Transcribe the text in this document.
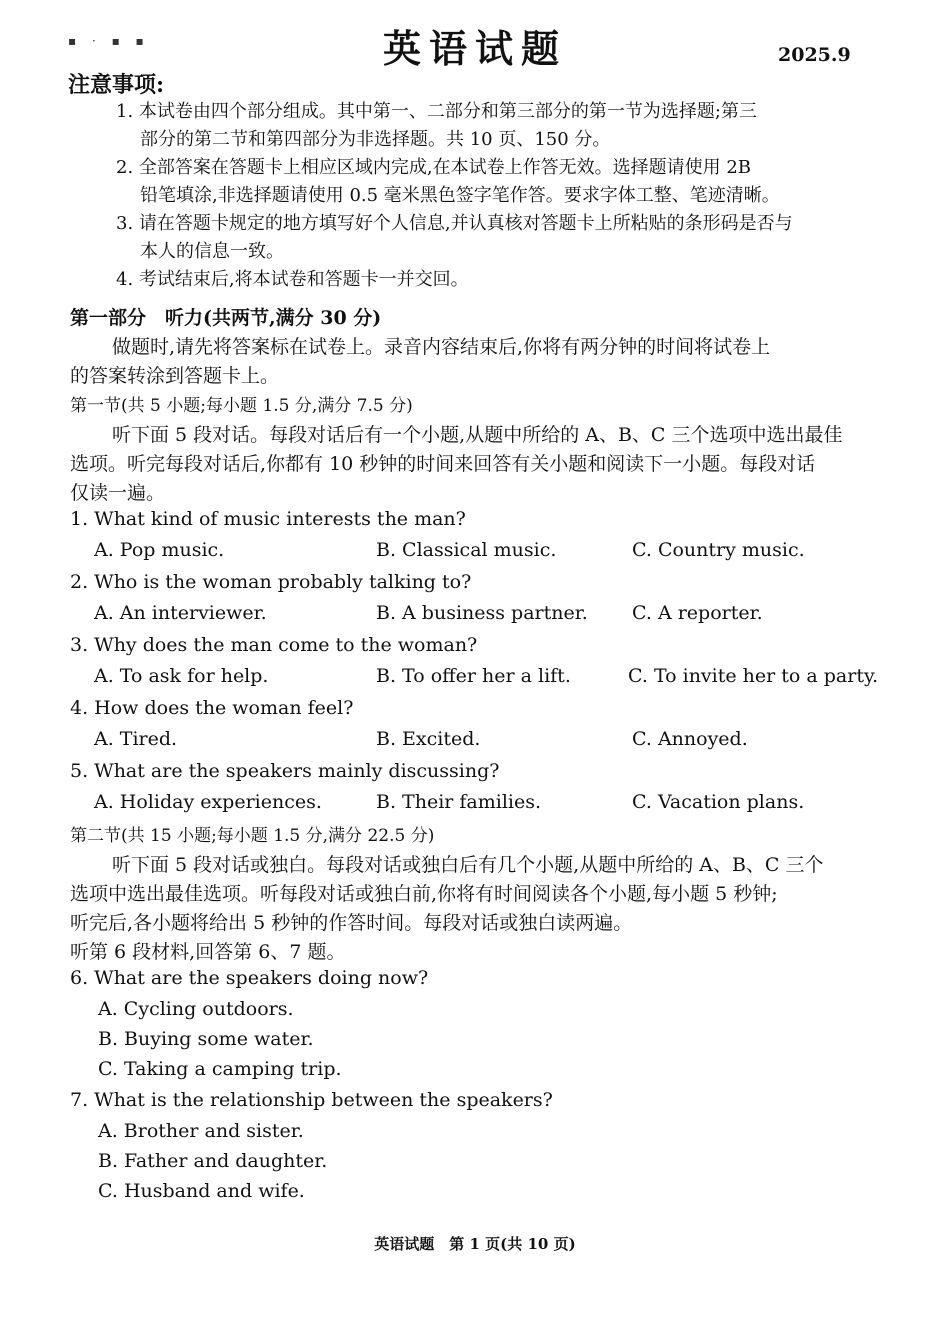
▪ · ▪ ▪	英语试题	2025.9
注意事项:
1. 本试卷由四个部分组成。其中第一、二部分和第三部分的第一节为选择题;第三
部分的第二节和第四部分为非选择题。共 10 页、150 分。
2. 全部答案在答题卡上相应区域内完成,在本试卷上作答无效。选择题请使用 2B
铅笔填涂,非选择题请使用 0.5 毫米黑色签字笔作答。要求字体工整、笔迹清晰。
3. 请在答题卡规定的地方填写好个人信息,并认真核对答题卡上所粘贴的条形码是否与
本人的信息一致。
4. 考试结束后,将本试卷和答题卡一并交回。
第一部分　听力(共两节,满分 30 分)
做题时,请先将答案标在试卷上。录音内容结束后,你将有两分钟的时间将试卷上
的答案转涂到答题卡上。
第一节(共 5 小题;每小题 1.5 分,满分 7.5 分)
听下面 5 段对话。每段对话后有一个小题,从题中所给的 A、B、C 三个选项中选出最佳
选项。听完每段对话后,你都有 10 秒钟的时间来回答有关小题和阅读下一小题。每段对话
仅读一遍。
1. What kind of music interests the man?
A. Pop music.	B. Classical music.	C. Country music.
2. Who is the woman probably talking to?
A. An interviewer.	B. A business partner. C. A reporter.
3. Why does the man come to the woman?
A. To ask for help.	B. To offer her a lift.	C. To invite her to a party.
4. How does the woman feel?
A. Tired.	B. Excited.	C. Annoyed.
5. What are the speakers mainly discussing?
A. Holiday experiences.	B. Their families.	C. Vacation plans.
第二节(共 15 小题;每小题 1.5 分,满分 22.5 分)
听下面 5 段对话或独白。每段对话或独白后有几个小题,从题中所给的 A、B、C 三个
选项中选出最佳选项。听每段对话或独白前,你将有时间阅读各个小题,每小题 5 秒钟;
听完后,各小题将给出 5 秒钟的作答时间。每段对话或独白读两遍。
听第 6 段材料,回答第 6、7 题。
6. What are the speakers doing now?
A. Cycling outdoors.
B. Buying some water.
C. Taking a camping trip.
7. What is the relationship between the speakers?
A. Brother and sister.
B. Father and daughter.
C. Husband and wife.
英语试题　第 1 页(共 10 页)
